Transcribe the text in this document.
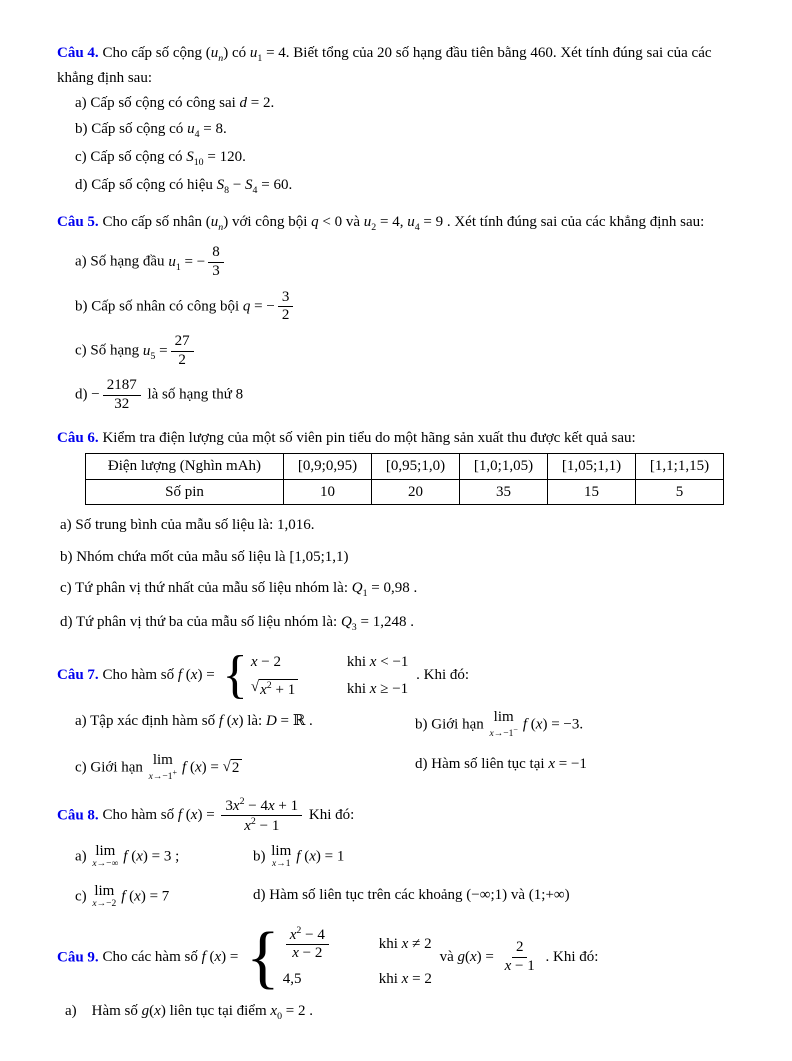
Câu 4. Cho cấp số cộng $(u_n)$ có $u_1 = 4$. Biết tổng của 20 số hạng đầu tiên bằng 460. Xét tính đúng sai của các khẳng định sau:
a) Cấp số cộng có công sai d = 2.
b) Cấp số cộng có $u_4 = 8$.
c) Cấp số cộng có $S_{10} = 120$.
d) Cấp số cộng có hiệu $S_8 - S_4 = 60$.
Câu 5. Cho cấp số nhân $(u_n)$ với công bội q < 0 và $u_2 = 4$, $u_4 = 9$ . Xét tính đúng sai của các khẳng định sau:
a) Số hạng đầu $u_1$ = − $\frac{8}{3}$
b) Cấp số nhân có công bội q = − $\frac{3}{2}$
c) Số hạng $u_5 = \frac{27}{2}$
$d) - \frac{2187}{32}$ là số hạng thứ 8
Câu 6. Kiểm tra điện lượng của một số viên pin tiểu do một hãng sản xuất thu được kết quả sau:
Điện lượng (Nghìn mAh)	[0,9;0,95)	[0,95;1,0)	[1,0;1,05)	[1,05;1,1)	[1,1;1,15)
Số pin	10	20	35	15	5
a) Số trung bình của mẫu số liệu là: 1,016.
b) Nhóm chứa mốt của mẫu số liệu là [1,05;1,1)
c) Tứ phân vị thứ nhất của mẫu số liệu nhóm là: $Q_1 = 0,98$ .
d) Tứ phân vị thứ ba của mẫu số liệu nhóm là: $Q_3 = 1,248$ .
Câu 7. Cho hàm số f (x) = { x − 2	khi x < −1
√ $x^2 + 1$	khi x ≥ −1
. Khi đó:
a) Tập xác định hàm số f (x) là: D = ℝ .	b) Giới hạn lim
x→−1− f (x) = −3.
c) Giới hạn lim
x→−1+ f (x) = √ 2	d) Hàm số liên tục tại x = −1
Câu 8. Cho hàm số f $(x) = \frac{3x^2 - 4x + 1}{x^2 - 1}$ Khi đó:
a) lim
x→−∞ f (x) = 3 ;	b) lim
x→1 f (x) = 1
c) lim
x→−2 f (x) = 7	d) Hàm số liên tục trên các khoảng (−∞;1) và (1;+∞)
Câu 9. Cho các hàm số f (x) = { $\frac{x^2 - 4}{x - 2}$	khi x ≠ 2
4,5	khi x = 2
và $g(x) = \frac{2}{x - 1}$ . Khi đó:
a)    Hàm số g(x) liên tục tại điểm $x_0 = 2$ .
